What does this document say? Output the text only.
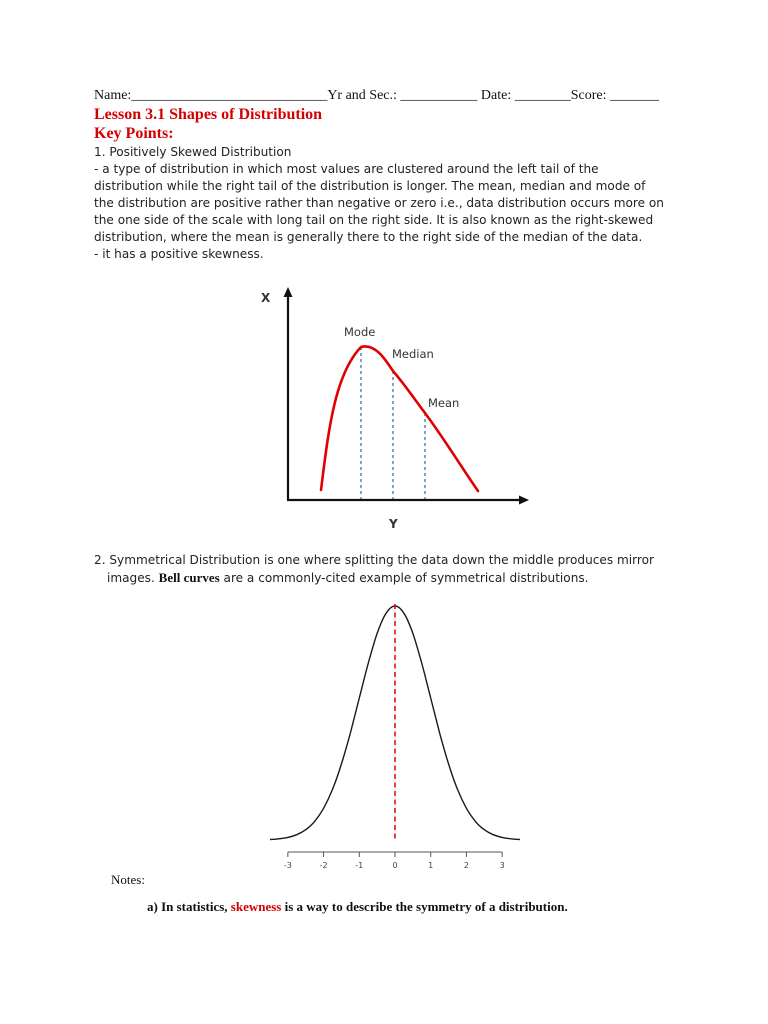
Name:____________________________Yr and Sec.: ___________ Date: ________Score: _______
Lesson 3.1 Shapes of Distribution
Key Points:
1. Positively Skewed Distribution

- a type of distribution in which most values are clustered around the left tail of the
distribution while the right tail of the distribution is longer. The mean, median and mode of
the distribution are positive rather than negative or zero i.e., data distribution occurs more on
the one side of the scale with long tail on the right side. It is also known as the right-skewed
distribution, where the mean is generally there to the right side of the median of the data.

- it has a positive skewness.
X
Y
Mode
Median
Mean
2. Symmetrical Distribution is one where splitting the data down the middle produces mirror
images. Bell curves are a commonly-cited example of symmetrical distributions.
-3	-2	-1	0	1	2	3
Notes:
a) In statistics, skewness is a way to describe the symmetry of a distribution.
